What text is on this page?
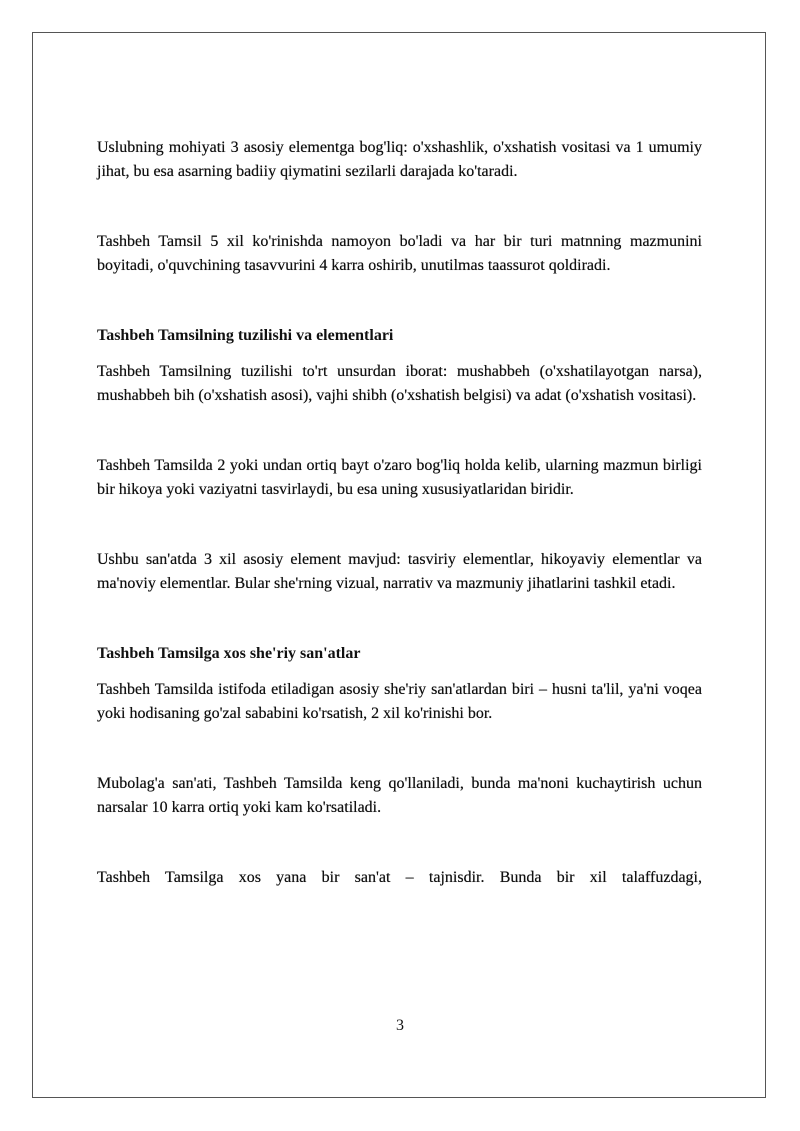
Uslubning mohiyati 3 asosiy elementga bog'liq: o'xshashlik, o'xshatish vositasi va 1 umumiy jihat, bu esa asarning badiiy qiymatini sezilarli darajada ko'taradi.

Tashbeh Tamsil 5 xil ko'rinishda namoyon bo'ladi va har bir turi matnning mazmunini boyitadi, o'quvchining tasavvurini 4 karra oshirib, unutilmas taassurot qoldiradi.

Tashbeh Tamsilning tuzilishi va elementlari

Tashbeh Tamsilning tuzilishi to'rt unsurdan iborat: mushabbeh (o'xshatilayotgan narsa), mushabbeh bih (o'xshatish asosi), vajhi shibh (o'xshatish belgisi) va adat (o'xshatish vositasi).

Tashbeh Tamsilda 2 yoki undan ortiq bayt o'zaro bog'liq holda kelib, ularning mazmun birligi bir hikoya yoki vaziyatni tasvirlaydi, bu esa uning xususiyatlaridan biridir.

Ushbu san'atda 3 xil asosiy element mavjud: tasviriy elementlar, hikoyaviy elementlar va ma'noviy elementlar. Bular she'rning vizual, narrativ va mazmuniy jihatlarini tashkil etadi.

Tashbeh Tamsilga xos she'riy san'atlar

Tashbeh Tamsilda istifoda etiladigan asosiy she'riy san'atlardan biri – husni ta'lil, ya'ni voqea yoki hodisaning go'zal sababini ko'rsatish, 2 xil ko'rinishi bor.

Mubolag'a san'ati, Tashbeh Tamsilda keng qo'llaniladi, bunda ma'noni kuchaytirish uchun narsalar 10 karra ortiq yoki kam ko'rsatiladi.

Tashbeh Tamsilga xos yana bir san'at – tajnisdir. Bunda bir xil talaffuzdagi,

3
